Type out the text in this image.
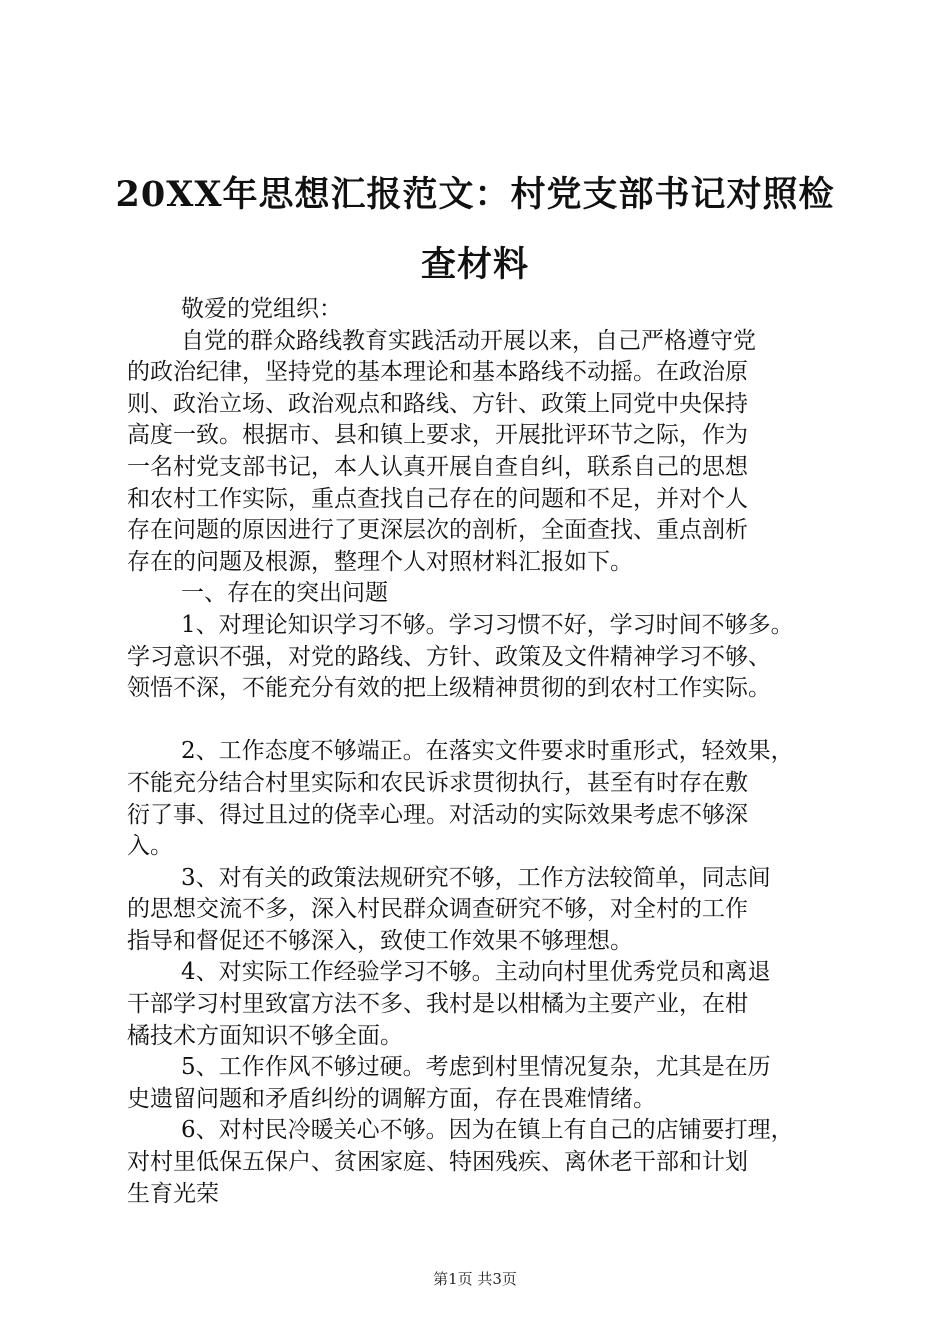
20XX年思想汇报范文：村党支部书记对照检
查材料

敬爱的党组织：

自党的群众路线教育实践活动开展以来，自己严格遵守党
的政治纪律，坚持党的基本理论和基本路线不动摇。在政治原
则、政治立场、政治观点和路线、方针、政策上同党中央保持
高度一致。根据市、县和镇上要求，开展批评环节之际，作为
一名村党支部书记，本人认真开展自查自纠，联系自己的思想
和农村工作实际，重点查找自己存在的问题和不足，并对个人
存在问题的原因进行了更深层次的剖析，全面查找、重点剖析
存在的问题及根源，整理个人对照材料汇报如下。

一、存在的突出问题

1、对理论知识学习不够。学习习惯不好，学习时间不够多。
学习意识不强，对党的路线、方针、政策及文件精神学习不够、
领悟不深，不能充分有效的把上级精神贯彻的到农村工作实际。

2、工作态度不够端正。在落实文件要求时重形式，轻效果，
不能充分结合村里实际和农民诉求贯彻执行，甚至有时存在敷
衍了事、得过且过的侥幸心理。对活动的实际效果考虑不够深
入。

3、对有关的政策法规研究不够，工作方法较简单，同志间
的思想交流不多，深入村民群众调查研究不够，对全村的工作
指导和督促还不够深入，致使工作效果不够理想。

4、对实际工作经验学习不够。主动向村里优秀党员和离退
干部学习村里致富方法不多、我村是以柑橘为主要产业，在柑
橘技术方面知识不够全面。

5、工作作风不够过硬。考虑到村里情况复杂，尤其是在历
史遗留问题和矛盾纠纷的调解方面，存在畏难情绪。

6、对村民冷暖关心不够。因为在镇上有自己的店铺要打理，
对村里低保五保户、贫困家庭、特困残疾、离休老干部和计划
生育光荣

第1页 共3页
